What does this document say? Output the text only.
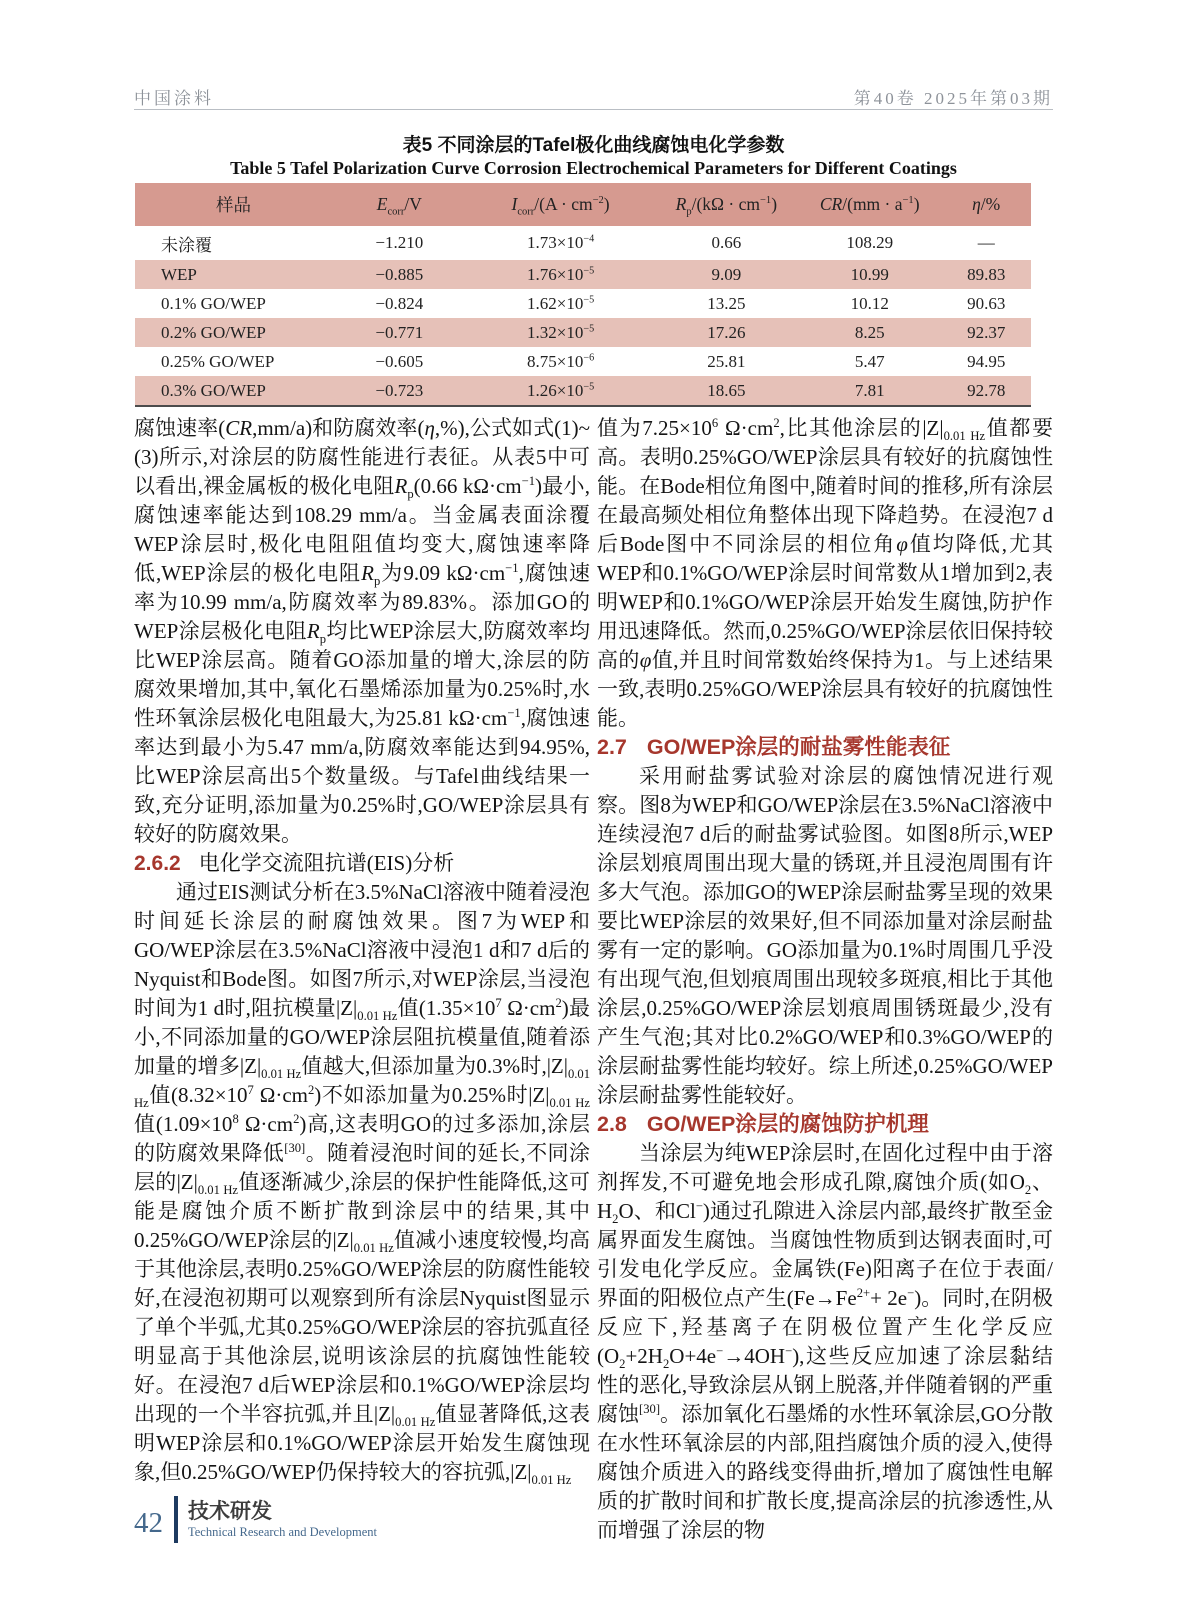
中国涂料	第40卷 2025年第03期
表5 不同涂层的Tafel极化曲线腐蚀电化学参数
Table 5 Tafel Polarization Curve Corrosion Electrochemical Parameters for Different Coatings
样品	$E_{corr}/V$	$I_{corr}/(A \cdot cm^{-2})$	$R_p/(k\Omega \cdot cm^{-1})$	$CR/(mm \cdot a^{-1})$	η/%
未涂覆	−1.210	$1.73\times 10^{-4}$	0.66	108.29	—
WEP	−0.885	$1.76\times 10^{-5}$	9.09	10.99	89.83
0.1% GO/WEP	−0.824	$1.62\times 10^{-5}$	13.25	10.12	90.63
0.2% GO/WEP	−0.771	$1.32\times 10^{-5}$	17.26	8.25	92.37
0.25% GO/WEP	−0.605	$8.75\times 10^{-6}$	25.81	5.47	94.95
0.3% GO/WEP	−0.723	$1.26\times 10^{-5}$	18.65	7.81	92.78

腐蚀速率(CR,mm/a)和防腐效率(η,%),公式如式(1)~(3)所示,对涂层的防腐性能进行表征。从表5中可以看出,裸金属板的极化电阻$R_p(0.66$ $k\Omega\cdot cm^{-1}$)最小,腐蚀速率能达到108.29 mm/a。当金属表面涂覆WEP涂层时,极化电阻阻值均变大,腐蚀速率降低,WEP涂层的极化电阻$R_p$为9.09 $k\Omega\cdot cm^{-1}$,腐蚀速率为10.99 mm/a,防腐效率为89.83%。添加GO的WEP涂层极化电阻$R_p$均比WEP涂层大,防腐效率均比WEP涂层高。随着GO添加量的增大,涂层的防腐效果增加,其中,氧化石墨烯添加量为0.25%时,水性环氧涂层极化电阻最大,为25.81 $k\Omega\cdot cm^{-1}$,腐蚀速率达到最小为5.47 mm/a,防腐效率能达到94.95%,比WEP涂层高出5个数量级。与Tafel曲线结果一致,充分证明,添加量为0.25%时,GO/WEP涂层具有较好的防腐效果。

2.6.2 电化学交流阻抗谱(EIS)分析

通过EIS测试分析在3.5%NaCl溶液中随着浸泡时间延长涂层的耐腐蚀效果。图7为WEP和GO/WEP涂层在3.5%NaCl溶液中浸泡1 d和7 d后的Nyquist和Bode图。如图7所示,对WEP涂层,当浸泡时间为1 d时,阻抗模量$|Z|_{0.01 Hz}$值($1.35\times 10^7$ $\Omega\cdot cm^2$)最小,不同添加量的GO/WEP涂层阻抗模量值,随着添加量的增多$|Z|_{0.01 Hz}$值越大,但添加量为0.3%时$,|Z|_{0.01 Hz}$值($8.32\times 10^7$ $\Omega\cdot cm^2$)不如添加量为0.25%时$|Z|_{0.01 Hz}$值($1.09\times 10^8$ $\Omega\cdot cm^2$)高,这表明GO的过多添加,涂层的防腐效果降低[30]。随着浸泡时间的延长,不同涂层的$|Z|_{0.01 Hz}$值逐渐减少,涂层的保护性能降低,这可能是腐蚀介质不断扩散到涂层中的结果,其中0.25%GO/WEP涂层的$|Z|_{0.01 Hz}$值减小速度较慢,均高于其他涂层,表明0.25%GO/WEP涂层的防腐性能较好,在浸泡初期可以观察到所有涂层Nyquist图显示了单个半弧,尤其0.25%GO/WEP涂层的容抗弧直径明显高于其他涂层,说明该涂层的抗腐蚀性能较好。在浸泡7 d后WEP涂层和0.1%GO/WEP涂层均出现的一个半容抗弧,并且$|Z|_{0.01 Hz}$值显著降低,这表明WEP涂层和0.1%GO/WEP涂层开始发生腐蚀现象,但0.25%GO/WEP仍保持较大的容抗弧$,|Z|_{0.01 Hz}$

值为$7.25\times 10^6$ $\Omega\cdot cm^2$,比其他涂层的$|Z|_{0.01 Hz}$值都要高。表明0.25%GO/WEP涂层具有较好的抗腐蚀性能。在Bode相位角图中,随着时间的推移,所有涂层在最高频处相位角整体出现下降趋势。在浸泡7 d后Bode图中不同涂层的相位角φ值均降低,尤其WEP和0.1%GO/WEP涂层时间常数从1增加到2,表明WEP和0.1%GO/WEP涂层开始发生腐蚀,防护作用迅速降低。然而,0.25%GO/WEP涂层依旧保持较高的φ值,并且时间常数始终保持为1。与上述结果一致,表明0.25%GO/WEP涂层具有较好的抗腐蚀性能。

2.7 GO/WEP涂层的耐盐雾性能表征

采用耐盐雾试验对涂层的腐蚀情况进行观察。图8为WEP和GO/WEP涂层在3.5%NaCl溶液中连续浸泡7 d后的耐盐雾试验图。如图8所示,WEP涂层划痕周围出现大量的锈斑,并且浸泡周围有许多大气泡。添加GO的WEP涂层耐盐雾呈现的效果要比WEP涂层的效果好,但不同添加量对涂层耐盐雾有一定的影响。GO添加量为0.1%时周围几乎没有出现气泡,但划痕周围出现较多斑痕,相比于其他涂层,0.25%GO/WEP涂层划痕周围锈斑最少,没有产生气泡;其对比0.2%GO/WEP和0.3%GO/WEP的涂层耐盐雾性能均较好。综上所述,0.25%GO/WEP涂层耐盐雾性能较好。

2.8 GO/WEP涂层的腐蚀防护机理

当涂层为纯WEP涂层时,在固化过程中由于溶剂挥发,不可避免地会形成孔隙,腐蚀介质(如$O_2$、$H_2O$、和Cl−)通过孔隙进入涂层内部,最终扩散至金属界面发生腐蚀。当腐蚀性物质到达钢表面时,可引发电化学反应。金属铁(Fe)阳离子在位于表面/界面的阳极位点产生$(Fe\to Fe^{2+}+ 2e^-)$。同时,在阴极反应下,羟基离子在阴极位置产生化学反应$(O_2+2H_2O+4e^-\to 4OH^-)$,这些反应加速了涂层黏结性的恶化,导致涂层从钢上脱落,并伴随着钢的严重腐蚀[30]。添加氧化石墨烯的水性环氧涂层,GO分散在水性环氧涂层的内部,阻挡腐蚀介质的浸入,使得腐蚀介质进入的路线变得曲折,增加了腐蚀性电解质的扩散时间和扩散长度,提高涂层的抗渗透性,从而增强了涂层的物

42 技术研发
Technical Research and Development
